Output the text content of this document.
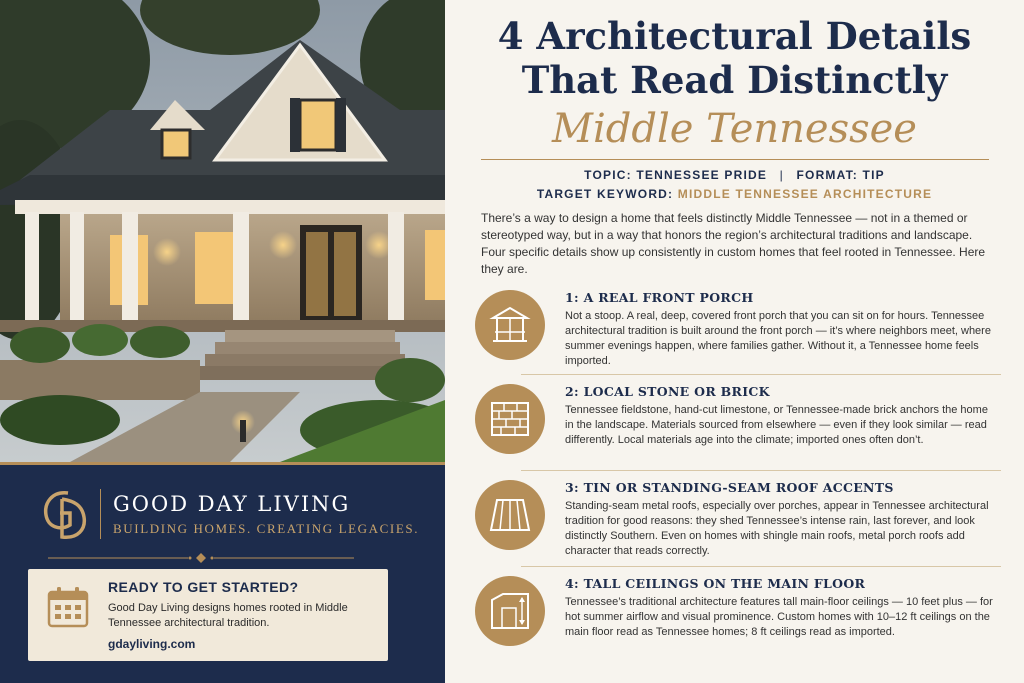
GOOD DAY LIVING
BUILDING HOMES. CREATING LEGACIES.
READY TO GET STARTED?
Good Day Living designs homes rooted in Middle Tennessee architectural tradition.
gdayliving.com
4 Architectural Details
That Read Distinctly
Middle Tennessee
TOPIC: TENNESSEE PRIDE | FORMAT: TIP
TARGET KEYWORD: MIDDLE TENNESSEE ARCHITECTURE
There’s a way to design a home that feels distinctly Middle Tennessee — not in a themed or stereotyped way, but in a way that honors the region’s architectural traditions and landscape. Four specific details show up consistently in custom homes that feel rooted in Tennessee. Here they are.
1: A REAL FRONT PORCH
Not a stoop. A real, deep, covered front porch that you can sit on for hours. Tennessee architectural tradition is built around the front porch — it’s where neighbors meet, where summer evenings happen, where families gather. Without it, a Tennessee home feels imported.
2: LOCAL STONE OR BRICK
Tennessee fieldstone, hand-cut limestone, or Tennessee-made brick anchors the home in the landscape. Materials sourced from elsewhere — even if they look similar — read differently. Local materials age into the climate; imported ones often don’t.
3: TIN OR STANDING-SEAM ROOF ACCENTS
Standing-seam metal roofs, especially over porches, appear in Tennessee architectural tradition for good reasons: they shed Tennessee’s intense rain, last forever, and look distinctly Southern. Even on homes with shingle main roofs, metal porch roofs add character that reads correctly.
4: TALL CEILINGS ON THE MAIN FLOOR
Tennessee’s traditional architecture features tall main-floor ceilings — 10 feet plus — for hot summer airflow and visual prominence. Custom homes with 10–12 ft ceilings on the main floor read as Tennessee homes; 8 ft ceilings read as imported.
